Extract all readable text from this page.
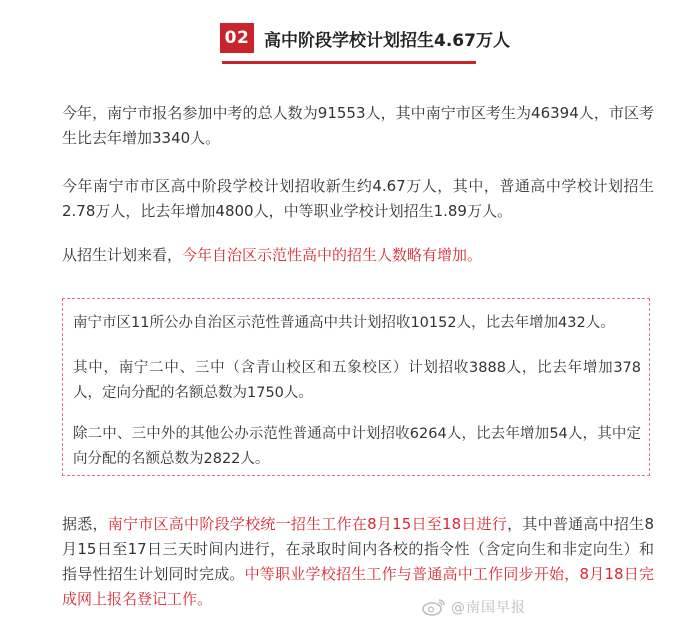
02 高中阶段学校计划招生4.67万人
今年，南宁市报名参加中考的总人数为91553人，其中南宁市区考生为46394人，市区考生比去年增加3340人。
今年南宁市市区高中阶段学校计划招收新生约4.67万人，其中，普通高中学校计划招生2.78万人，比去年增加4800人，中等职业学校计划招生1.89万人。
从招生计划来看，今年自治区示范性高中的招生人数略有增加。
南宁市区11所公办自治区示范性普通高中共计划招收10152人，比去年增加432人。
其中，南宁二中、三中（含青山校区和五象校区）计划招收3888人，比去年增加378人，定向分配的名额总数为1750人。
除二中、三中外的其他公办示范性普通高中计划招收6264人，比去年增加54人，其中定向分配的名额总数为2822人。
据悉，南宁市区高中阶段学校统一招生工作在8月15日至18日进行，其中普通高中招生8月15日至17日三天时间内进行，在录取时间内各校的指令性（含定向生和非定向生）和指导性招生计划同时完成。中等职业学校招生工作与普通高中工作同步开始，8月18日完成网上报名登记工作。	@南国早报
